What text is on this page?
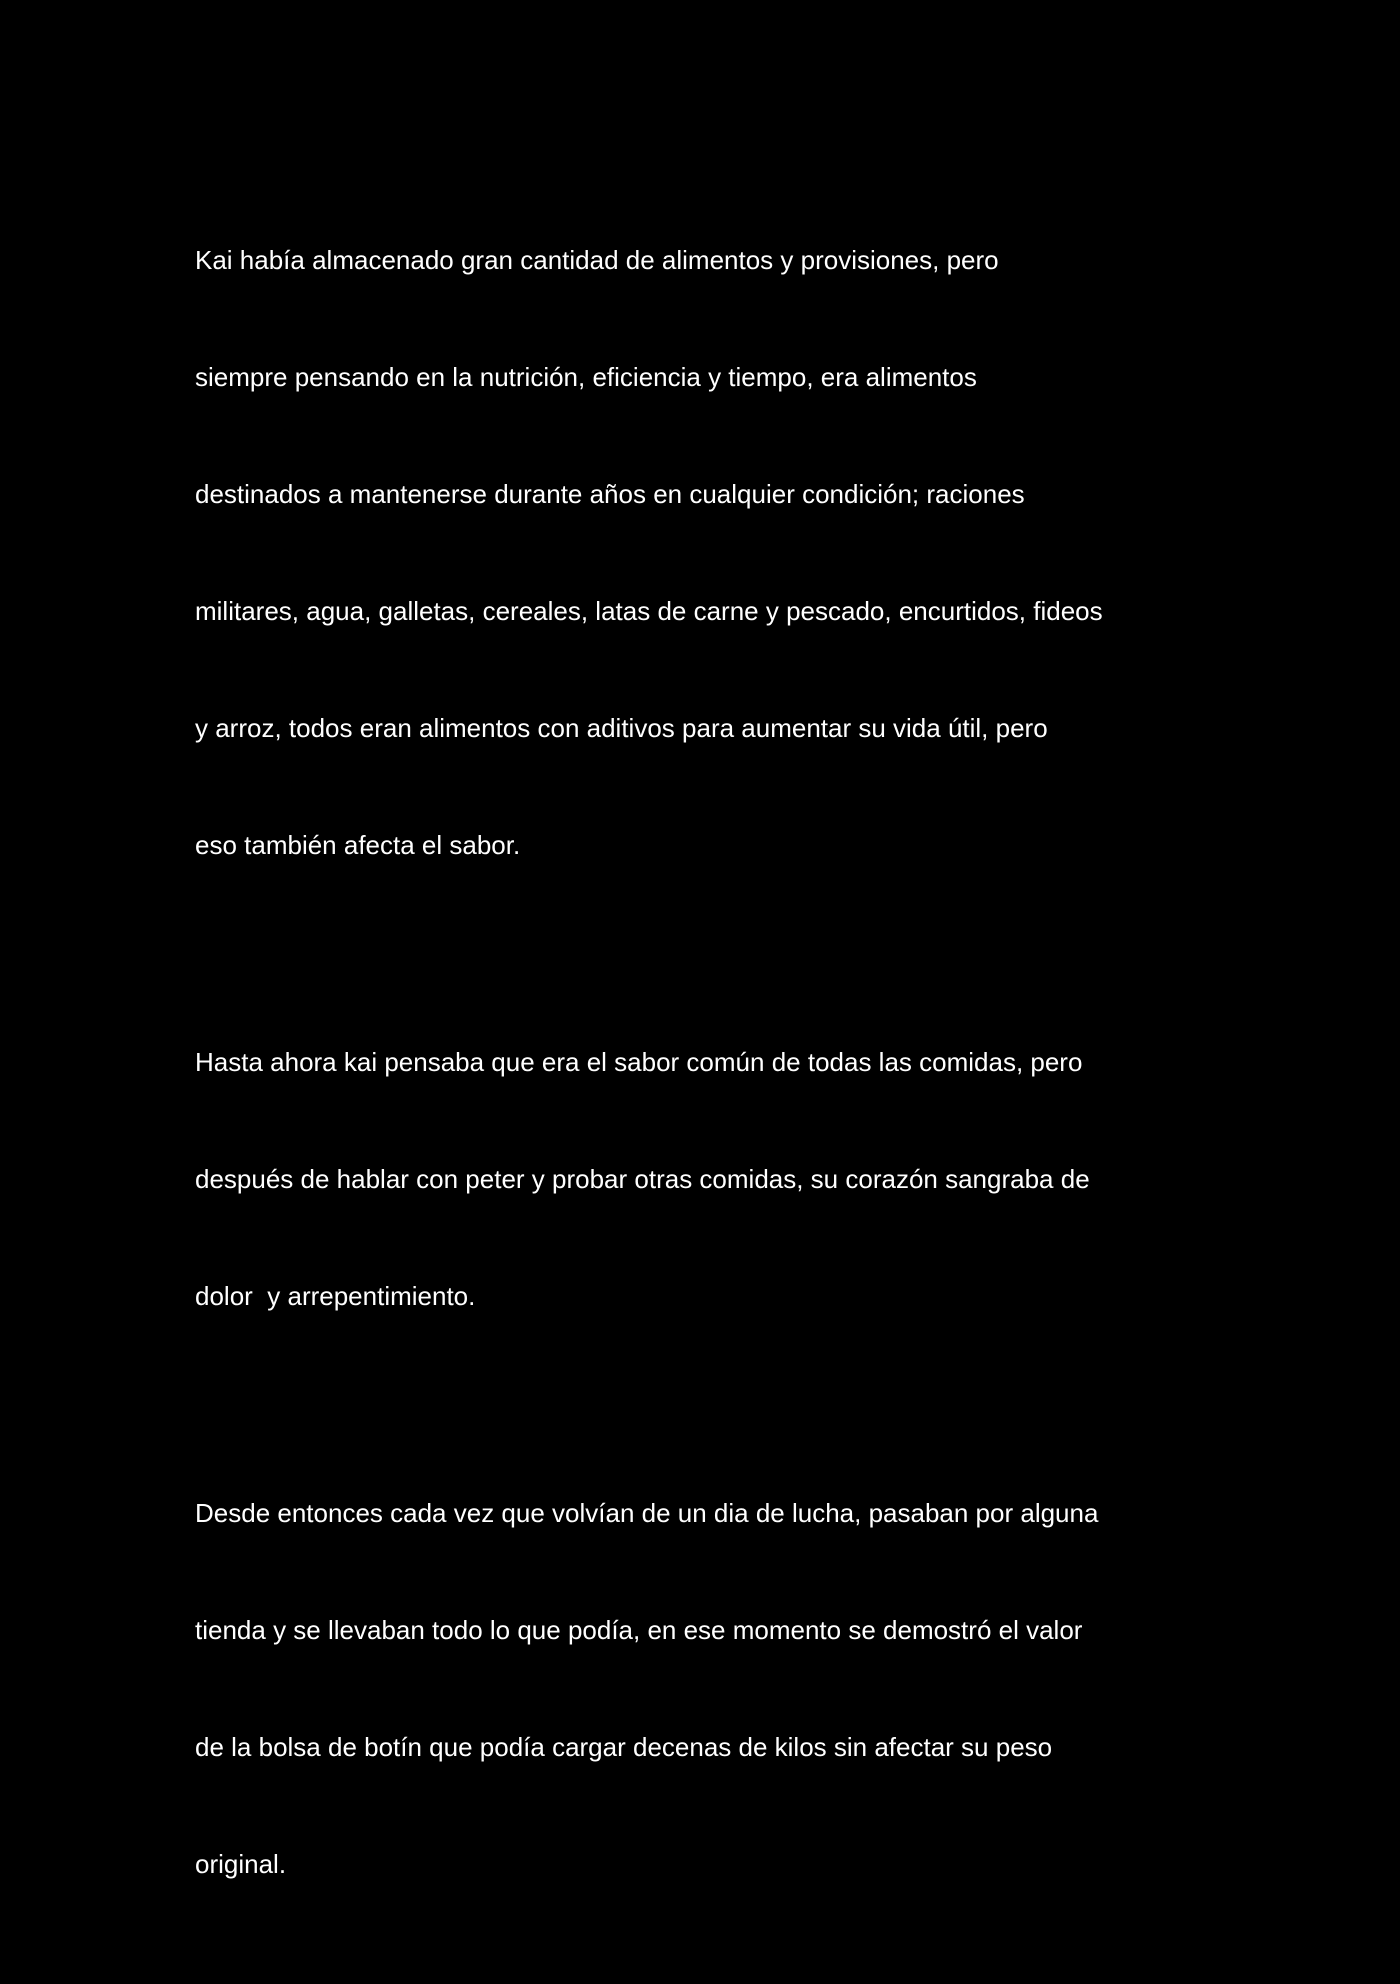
Kai había almacenado gran cantidad de alimentos y provisiones, pero

siempre pensando en la nutrición, eficiencia y tiempo, era alimentos

destinados a mantenerse durante años en cualquier condición; raciones

militares, agua, galletas, cereales, latas de carne y pescado, encurtidos, fideos

y arroz, todos eran alimentos con aditivos para aumentar su vida útil, pero

eso también afecta el sabor.

Hasta ahora kai pensaba que era el sabor común de todas las comidas, pero

después de hablar con peter y probar otras comidas, su corazón sangraba de

dolor  y arrepentimiento.

Desde entonces cada vez que volvían de un dia de lucha, pasaban por alguna

tienda y se llevaban todo lo que podía, en ese momento se demostró el valor

de la bolsa de botín que podía cargar decenas de kilos sin afectar su peso

original.
